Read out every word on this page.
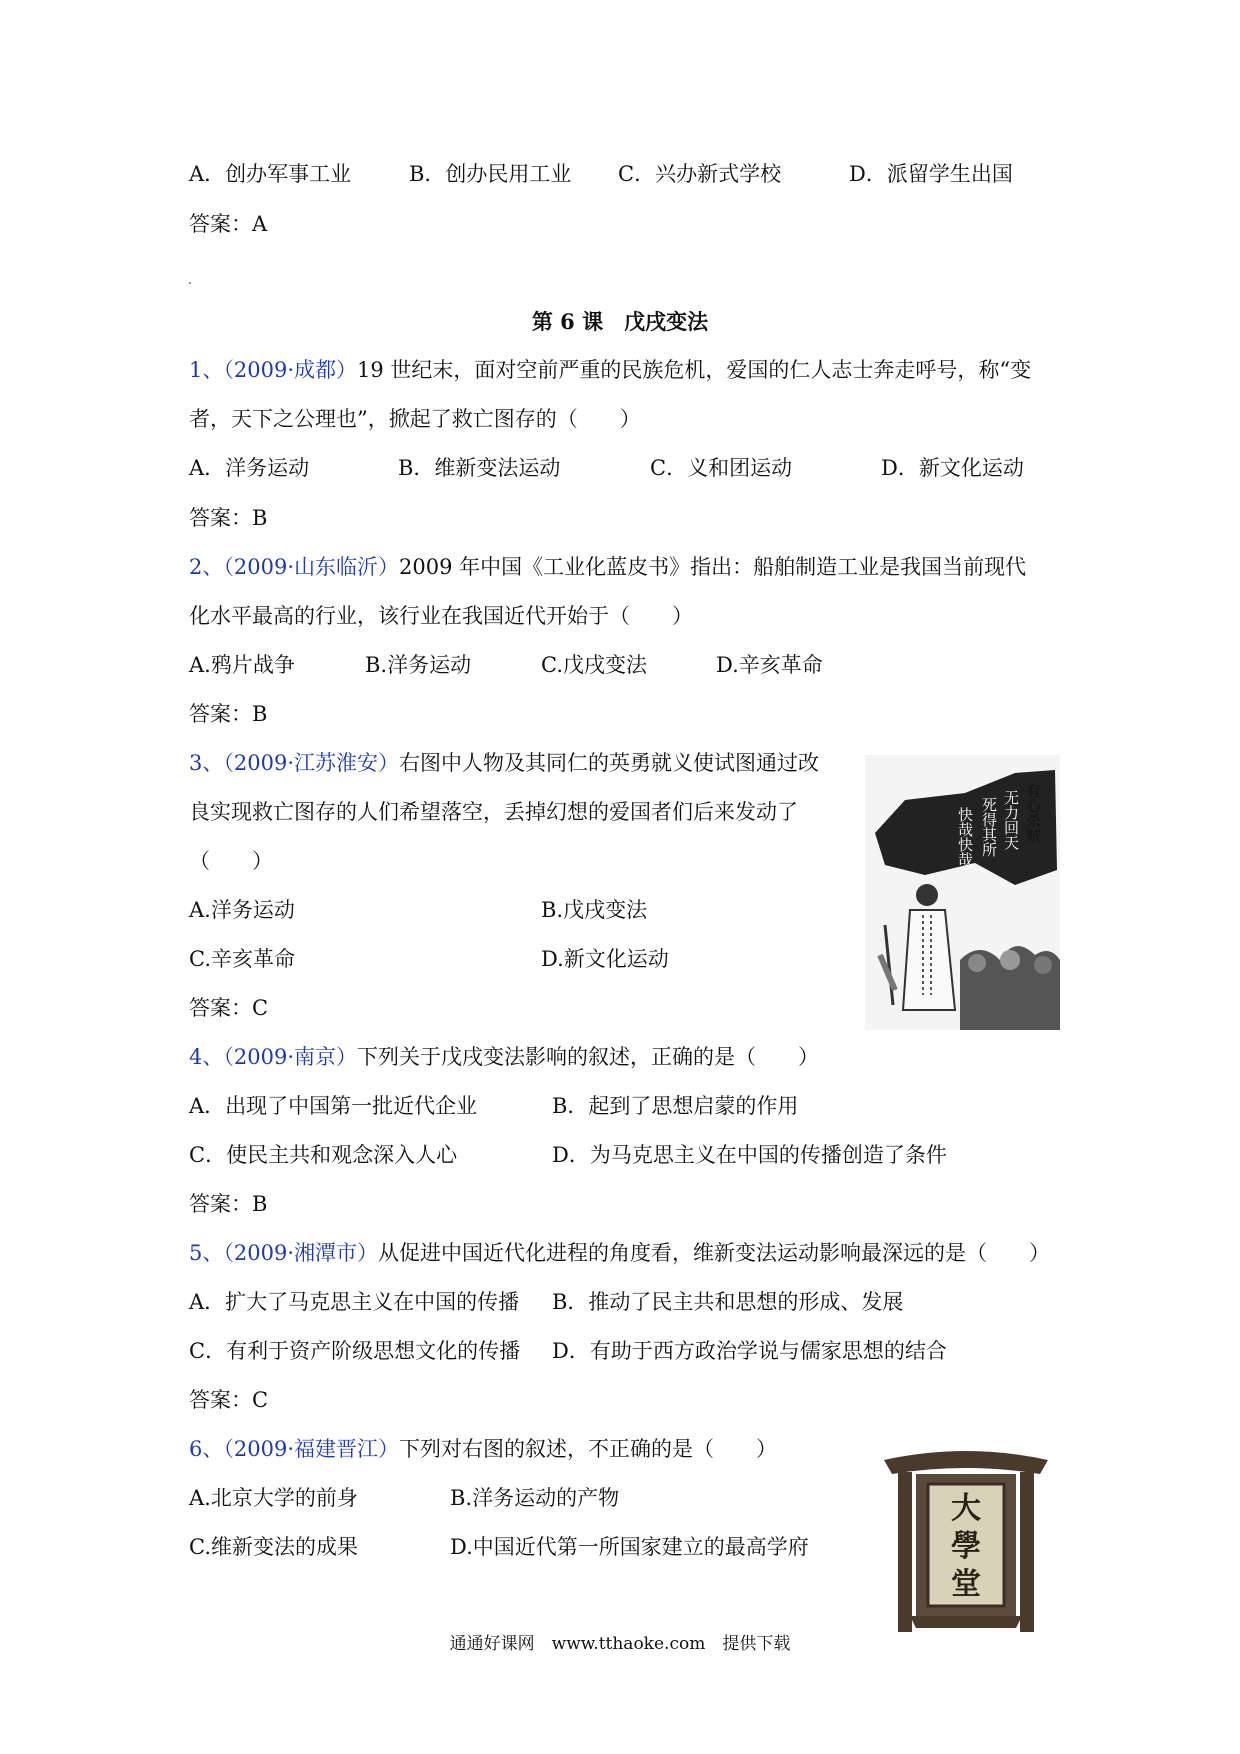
A．创办军事工业	B．创办民用工业 C．兴办新式学校	D．派留学生出国
答案：A
第 6 课　戊戌变法
1、（2009·成都）19 世纪末，面对空前严重的民族危机，爱国的仁人志士奔走呼号，称“变
者，天下之公理也”，掀起了救亡图存的（　　）
A．洋务运动	B．维新变法运动	C．义和团运动	D．新文化运动
答案：B
2、（2009·山东临沂）2009 年中国《工业化蓝皮书》指出：船舶制造工业是我国当前现代
化水平最高的行业，该行业在我国近代开始于（　　）
A.鸦片战争	B.洋务运动	C.戊戌变法	D.辛亥革命
答案：B
3、（2009·江苏淮安）右图中人物及其同仁的英勇就义使试图通过改
良实现救亡图存的人们希望落空，丢掉幻想的爱国者们后来发动了
（　　）
A.洋务运动	B.戊戌变法
C.辛亥革命	D.新文化运动
答案：C
有心杀贼
无力回天
死得其所
快哉快哉
4、（2009·南京）下列关于戊戌变法影响的叙述，正确的是（　　）
A．出现了中国第一批近代企业	B．起到了思想启蒙的作用
C．使民主共和观念深入人心	D．为马克思主义在中国的传播创造了条件
答案：B
5、（2009·湘潭市）从促进中国近代化进程的角度看，维新变法运动影响最深远的是（　　）
A．扩大了马克思主义在中国的传播 B．推动了民主共和思想的形成、发展
C．有利于资产阶级思想文化的传播 D．有助于西方政治学说与儒家思想的结合
答案：C
6、（2009·福建晋江）下列对右图的叙述，不正确的是（　　）
A.北京大学的前身	B.洋务运动的产物
C.维新变法的成果	D.中国近代第一所国家建立的最高学府
大
學
堂
通通好课网　www.tthaoke.com　提供下载
